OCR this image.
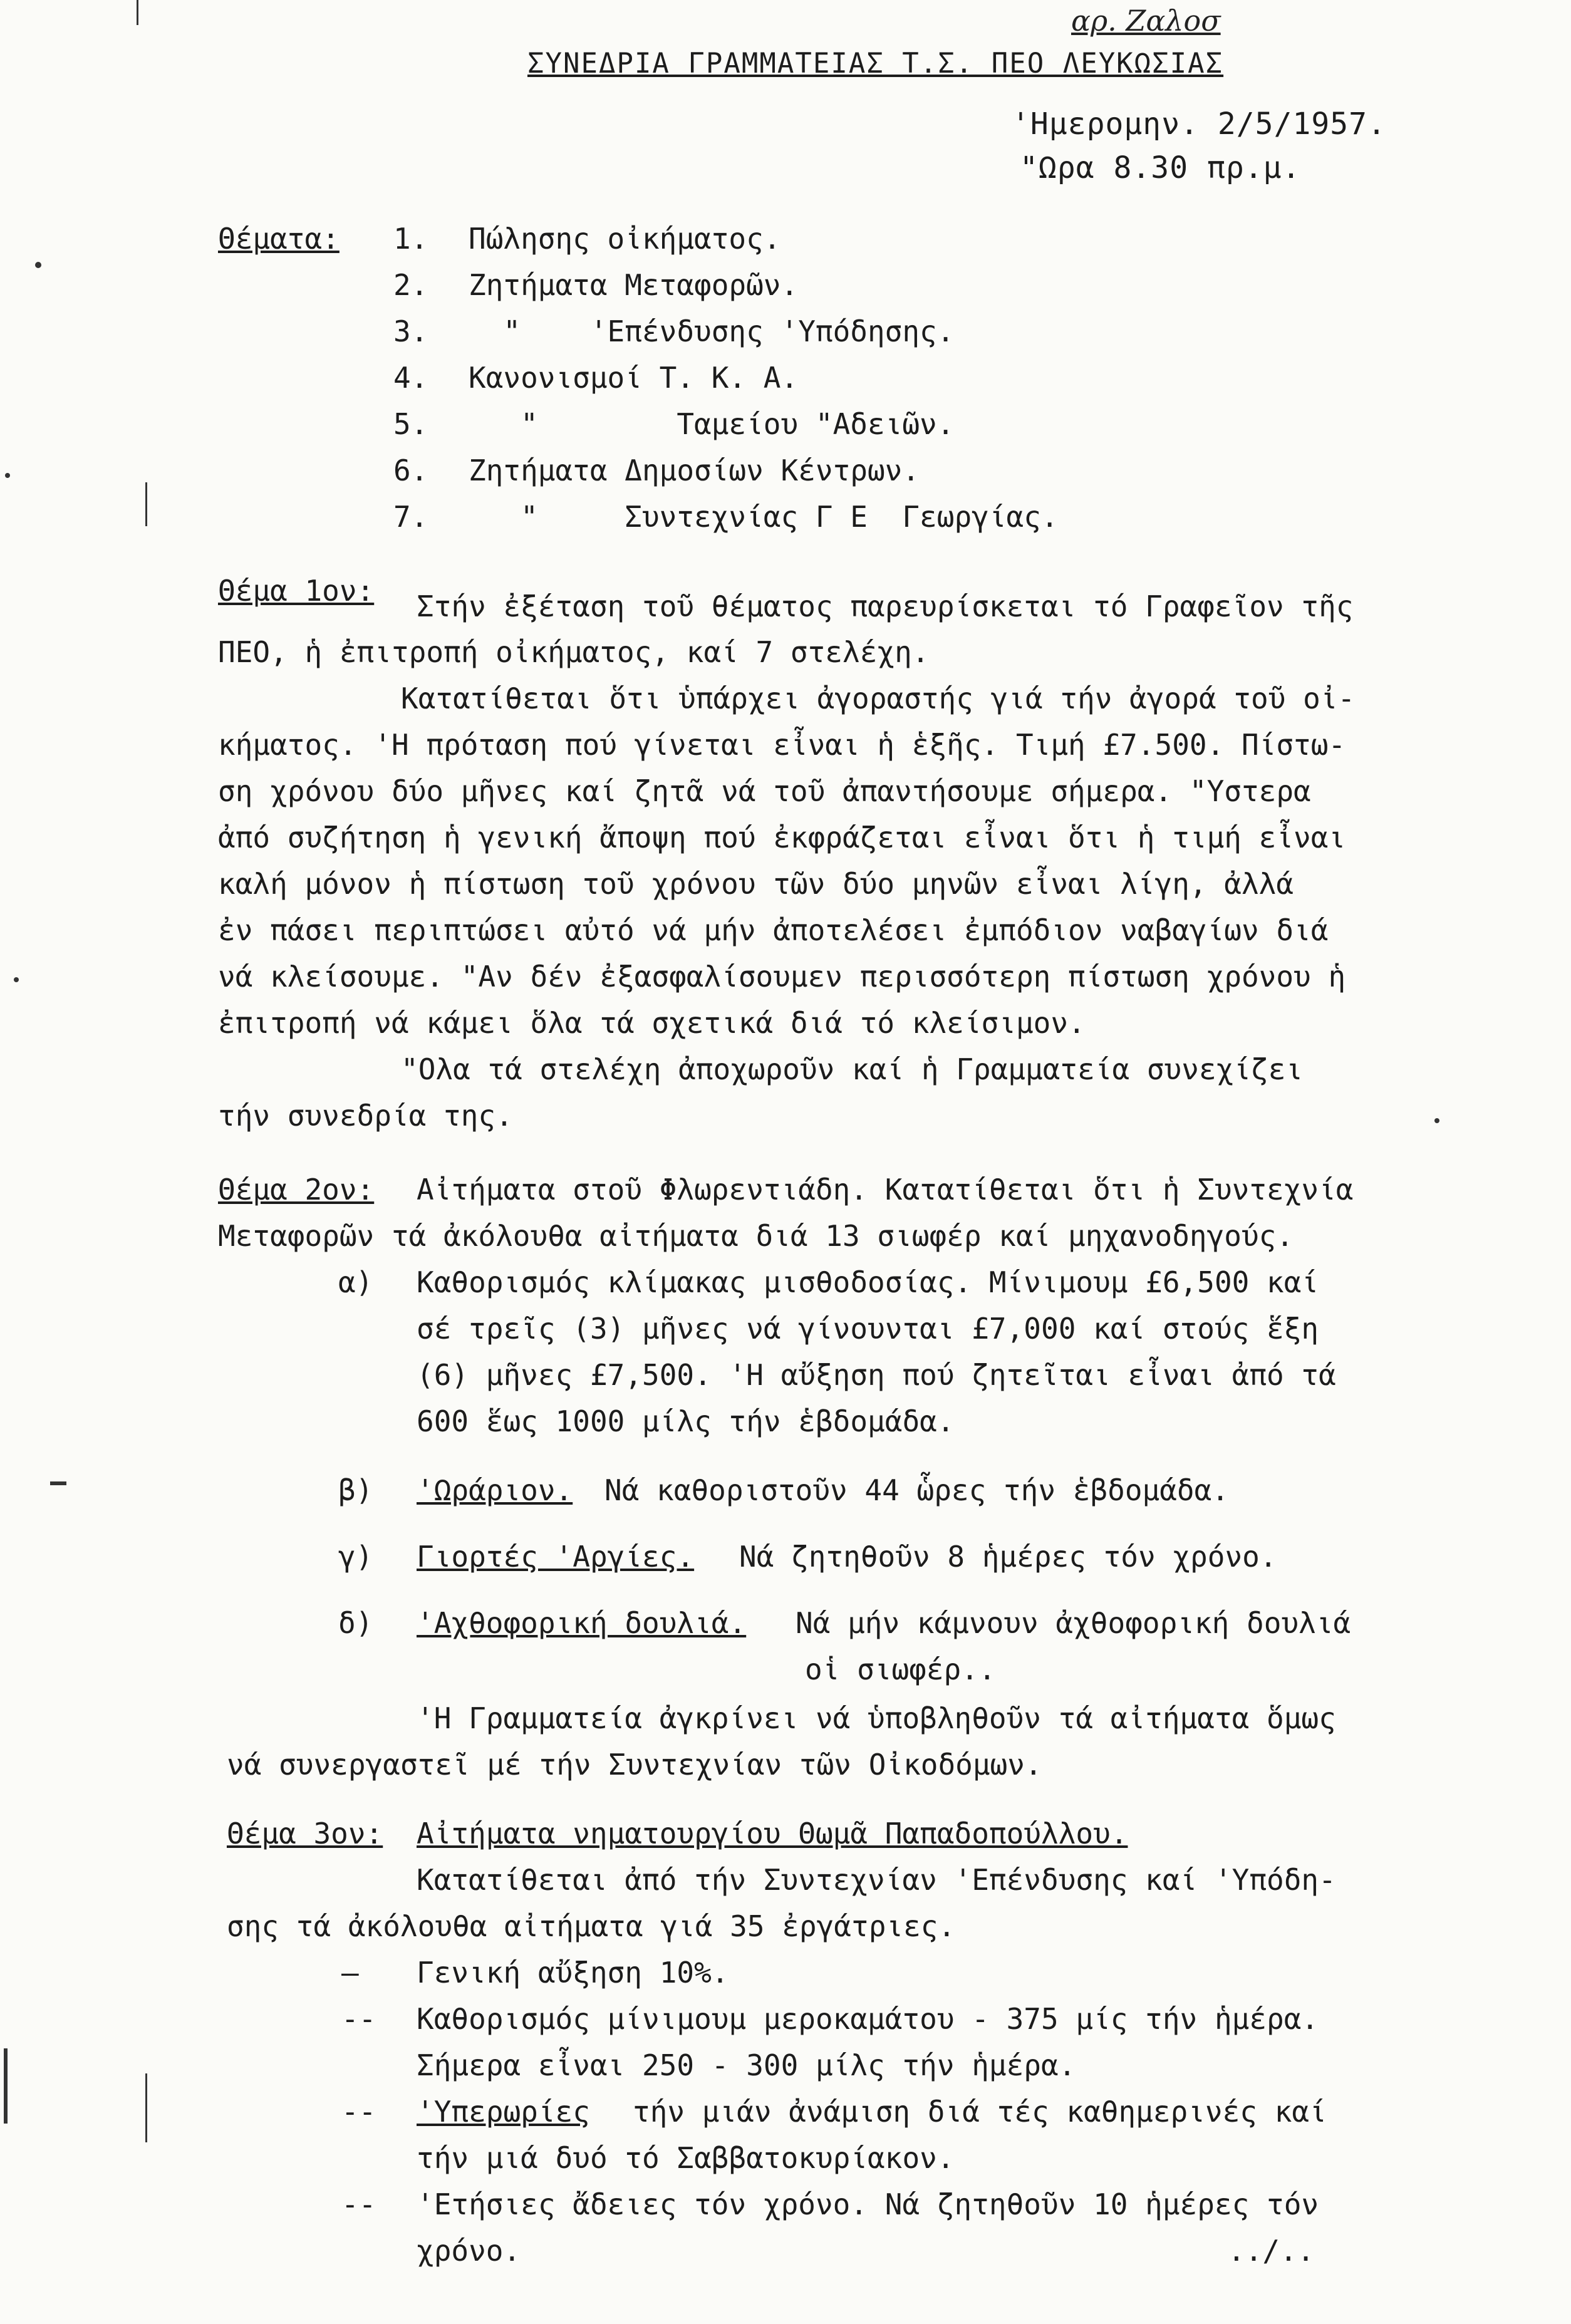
αρ. Ζαλοσ
ΣΥΝΕΔΡΙΑ ΓΡΑΜΜΑΤΕΙΑΣ Τ.Σ. ΠΕΟ ΛΕΥΚΩΣΙΑΣ
'Ημερομην. 2/5/1957.
"Ωρα 8.30 πρ.μ.
Θέματα: 1. Πώλησης οἰκήματος.
2. Ζητήματα Μεταφορῶν.
3. "    'Επένδυσης 'Υπόδησης.
4. Κανονισμοί Τ. Κ. Α.
5. "        Ταμείου "Αδειῶν.
6. Ζητήματα Δημοσίων Κέντρων.
7. "     Συντεχνίας Γ Ε  Γεωργίας.
Θέμα 1ον: Στήν ἐξέταση τοῦ θέματος παρευρίσκεται τό Γραφεῖον τῆς
ΠΕΟ, ἡ ἐπιτροπή οἰκήματος, καί 7 στελέχη.
Κατατίθεται ὅτι ὑπάρχει ἀγοραστής γιά τήν ἀγορά τοῦ οἰ-
κήματος. 'Η πρόταση πού γίνεται εἶναι ἡ ἑξῆς. Τιμή £7.500. Πίστω-
ση χρόνου δύο μῆνες καί ζητᾶ νά τοῦ ἀπαντήσουμε σήμερα. "Υστερα
ἀπό συζήτηση ἡ γενική ἄποψη πού ἐκφράζεται εἶναι ὅτι ἡ τιμή εἶναι
καλή μόνον ἡ πίστωση τοῦ χρόνου τῶν δύο μηνῶν εἶναι λίγη, ἀλλά
ἐν πάσει περιπτώσει αὐτό νά μήν ἀποτελέσει ἐμπόδιον ναβαγίων διά
νά κλείσουμε. "Αν δέν ἐξασφαλίσουμεν περισσότερη πίστωση χρόνου ἡ
ἐπιτροπή νά κάμει ὅλα τά σχετικά διά τό κλείσιμον.
"Ολα τά στελέχη ἀποχωροῦν καί ἡ Γραμματεία συνεχίζει
τήν συνεδρία της.
Θέμα 2ον: Αἰτήματα στοῦ Φλωρεντιάδη. Κατατίθεται ὅτι ἡ Συντεχνία
Μεταφορῶν τά ἀκόλουθα αἰτήματα διά 13 σιωφέρ καί μηχανοδηγούς.
α) Καθορισμός κλίμακας μισθοδοσίας. Μίνιμουμ £6,500 καί
σέ τρεῖς (3) μῆνες νά γίνουνται £7,000 καί στούς ἕξη
(6) μῆνες £7,500. 'Η αὔξηση πού ζητεῖται εἶναι ἀπό τά
600 ἕως 1000 μίλς τήν ἑβδομάδα.
β) 'Ωράριον. Νά καθοριστοῦν 44 ὧρες τήν ἑβδομάδα.
γ) Γιορτές 'Αργίες. Νά ζητηθοῦν 8 ἡμέρες τόν χρόνο.
δ) 'Αχθοφορική δουλιά. Νά μήν κάμνουν ἀχθοφορική δουλιά
οἱ σιωφέρ..
'Η Γραμματεία ἀγκρίνει νά ὑποβληθοῦν τά αἰτήματα ὅμως
νά συνεργαστεῖ μέ τήν Συντεχνίαν τῶν Οἰκοδόμων.
Θέμα 3ον: Αἰτήματα νηματουργίου Θωμᾶ Παπαδοπούλλου.
Κατατίθεται ἀπό τήν Συντεχνίαν 'Επένδυσης καί 'Υπόδη-
σης τά ἀκόλουθα αἰτήματα γιά 35 ἐργάτριες.
— Γενική αὔξηση 10%.
-- Καθορισμός μίνιμουμ μεροκαμάτου - 375 μίς τήν ἡμέρα.
Σήμερα εἶναι 250 - 300 μίλς τήν ἡμέρα.
-- 'Υπερωρίες τήν μιάν ἀνάμιση διά τές καθημερινές καί
τήν μιά δυό τό Σαββατοκυρίακον.
-- 'Ετήσιες ἄδειες τόν χρόνο. Νά ζητηθοῦν 10 ἡμέρες τόν
χρόνο.	../..
